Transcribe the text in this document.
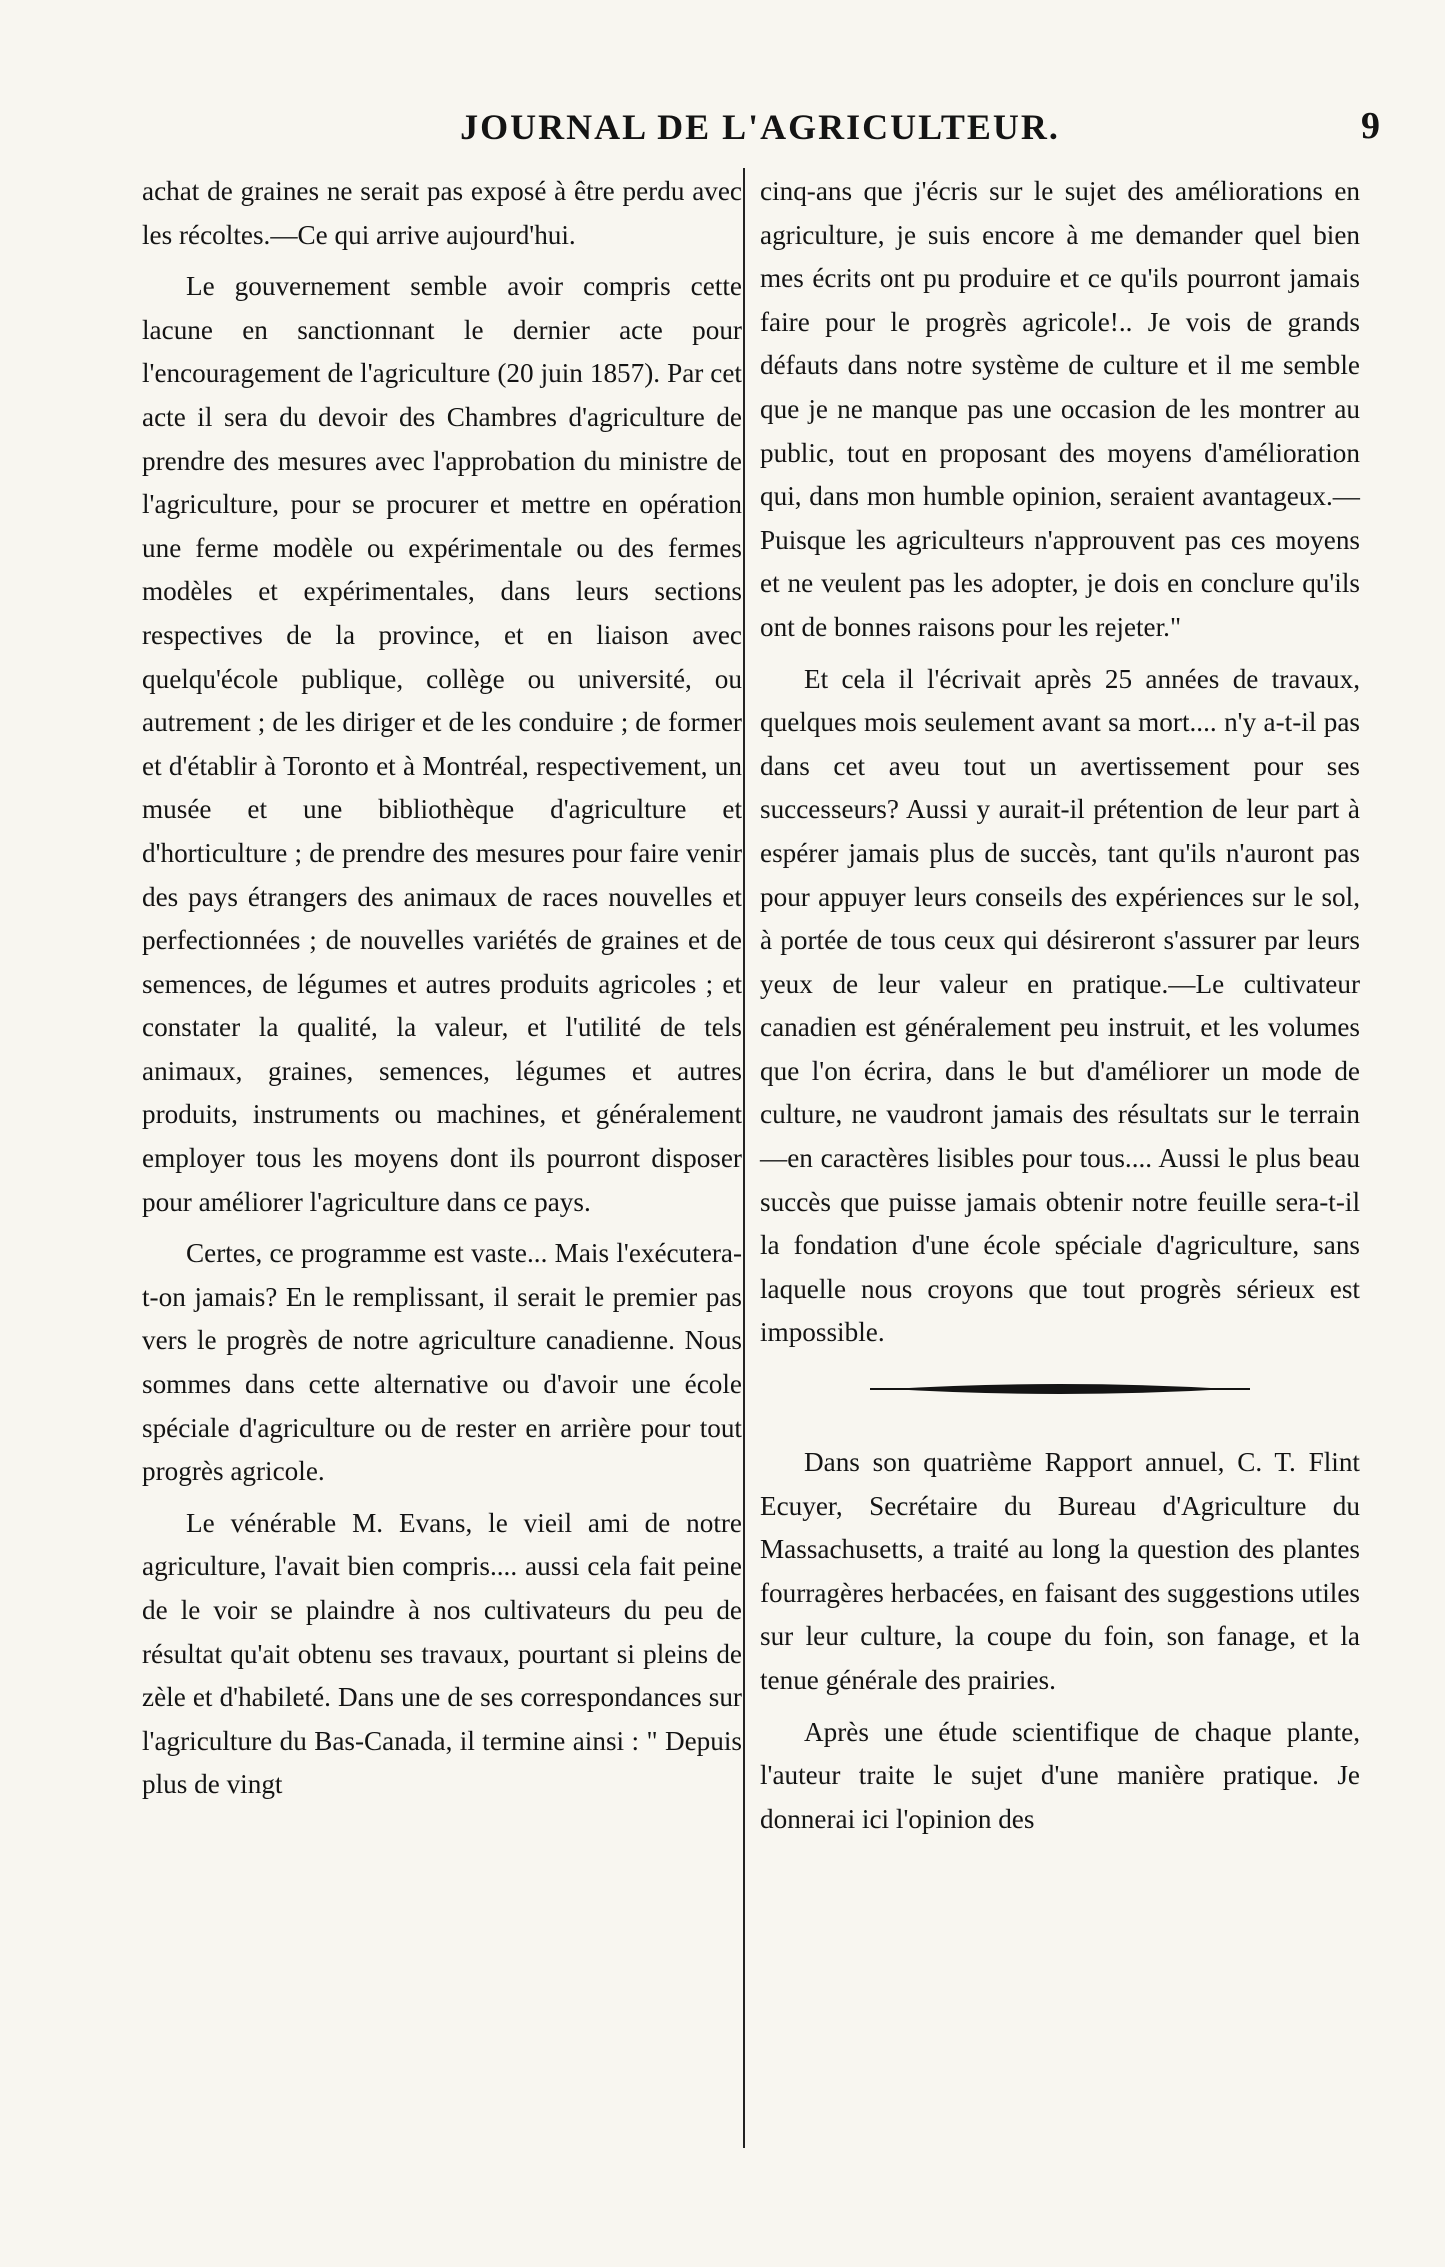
JOURNAL DE L'AGRICULTEUR.	9

achat de graines ne serait pas exposé à être perdu avec les récoltes.—Ce qui arrive aujourd'hui.

Le gouvernement semble avoir compris cette lacune en sanctionnant le dernier acte pour l'encouragement de l'agriculture (20 juin 1857). Par cet acte il sera du devoir des Chambres d'agriculture de prendre des mesures avec l'approbation du ministre de l'agriculture, pour se procurer et mettre en opération une ferme modèle ou expérimentale ou des fermes modèles et expérimentales, dans leurs sections respectives de la province, et en liaison avec quelqu'école publique, collège ou université, ou autrement ; de les diriger et de les conduire ; de former et d'établir à Toronto et à Montréal, respectivement, un musée et une bibliothèque d'agriculture et d'horticulture ; de prendre des mesures pour faire venir des pays étrangers des animaux de races nouvelles et perfectionnées ; de nouvelles variétés de graines et de semences, de légumes et autres produits agricoles ; et constater la qualité, la valeur, et l'utilité de tels animaux, graines, semences, légumes et autres produits, instruments ou machines, et généralement employer tous les moyens dont ils pourront disposer pour améliorer l'agriculture dans ce pays.

Certes, ce programme est vaste... Mais l'exécutera-t-on jamais? En le remplissant, il serait le premier pas vers le progrès de notre agriculture canadienne. Nous sommes dans cette alternative ou d'avoir une école spéciale d'agriculture ou de rester en arrière pour tout progrès agricole.

Le vénérable M. Evans, le vieil ami de notre agriculture, l'avait bien compris.... aussi cela fait peine de le voir se plaindre à nos cultivateurs du peu de résultat qu'ait obtenu ses travaux, pourtant si pleins de zèle et d'habileté. Dans une de ses correspondances sur l'agriculture du Bas-Canada, il termine ainsi : " Depuis plus de vingt

cinq-ans que j'écris sur le sujet des améliorations en agriculture, je suis encore à me demander quel bien mes écrits ont pu produire et ce qu'ils pourront jamais faire pour le progrès agricole!.. Je vois de grands défauts dans notre système de culture et il me semble que je ne manque pas une occasion de les montrer au public, tout en proposant des moyens d'amélioration qui, dans mon humble opinion, seraient avantageux.—Puisque les agriculteurs n'approuvent pas ces moyens et ne veulent pas les adopter, je dois en conclure qu'ils ont de bonnes raisons pour les rejeter."

Et cela il l'écrivait après 25 années de travaux, quelques mois seulement avant sa mort.... n'y a-t-il pas dans cet aveu tout un avertissement pour ses successeurs? Aussi y aurait-il prétention de leur part à espérer jamais plus de succès, tant qu'ils n'auront pas pour appuyer leurs conseils des expériences sur le sol, à portée de tous ceux qui désireront s'assurer par leurs yeux de leur valeur en pratique.—Le cultivateur canadien est généralement peu instruit, et les volumes que l'on écrira, dans le but d'améliorer un mode de culture, ne vaudront jamais des résultats sur le terrain—en caractères lisibles pour tous.... Aussi le plus beau succès que puisse jamais obtenir notre feuille sera-t-il la fondation d'une école spéciale d'agriculture, sans laquelle nous croyons que tout progrès sérieux est impossible.

Dans son quatrième Rapport annuel, C. T. Flint Ecuyer, Secrétaire du Bureau d'Agriculture du Massachusetts, a traité au long la question des plantes fourragères herbacées, en faisant des suggestions utiles sur leur culture, la coupe du foin, son fanage, et la tenue générale des prairies.

Après une étude scientifique de chaque plante, l'auteur traite le sujet d'une manière pratique. Je donnerai ici l'opinion des
